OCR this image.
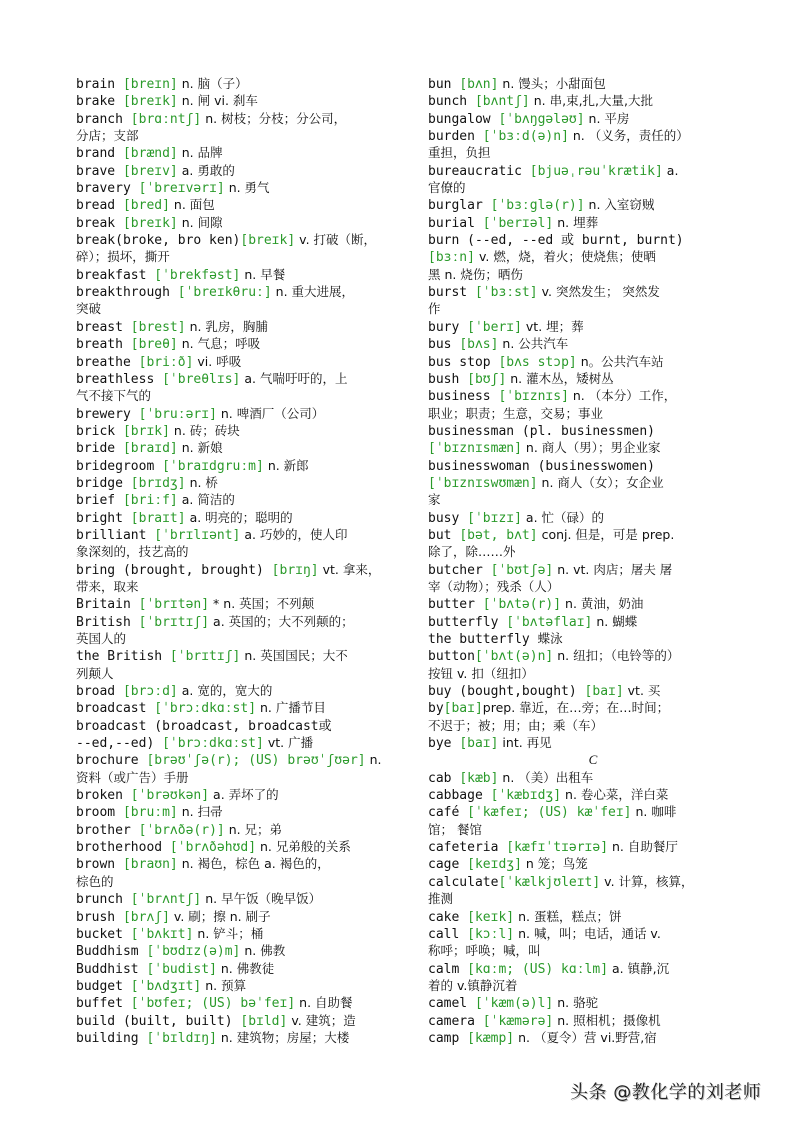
brain [breɪn] n. 脑（子）
brake [breɪk] n. 闸 vi. 刹车
branch [brɑːntʃ] n. 树枝；分枝；分公司，
分店；支部
brand [brænd] n. 品牌
brave [breɪv] a. 勇敢的
bravery [ˈbreɪvərɪ] n. 勇气
bread [bred] n. 面包
break [breɪk] n. 间隙
break(broke, bro ken)[breɪk] v. 打破（断，
碎）；损坏，撕开
breakfast [ˈbrekfəst] n. 早餐
breakthrough [ˈbreɪkθruː] n. 重大进展，
突破
breast [brest] n. 乳房，胸脯
breath [breθ] n. 气息；呼吸
breathe [briːð] vi. 呼吸
breathless [ˈbreθlɪs] a. 气喘吁吁的，上
气不接下气的
brewery [ˈbruːərɪ] n. 啤酒厂（公司）
brick [brɪk] n. 砖；砖块
bride [braɪd] n. 新娘
bridegroom [ˈbraɪdgruːm] n. 新郎
bridge [brɪdʒ] n. 桥
brief [briːf] a. 简洁的
bright [braɪt] a. 明亮的；聪明的
brilliant [ˈbrɪlɪənt] a. 巧妙的，使人印
象深刻的，技艺高的
bring (brought, brought) [brɪŋ] vt. 拿来，
带来，取来
Britain [ˈbrɪtən] * n. 英国；不列颠
British [ˈbrɪtɪʃ] a. 英国的；大不列颠的；
英国人的
the British [ˈbrɪtɪʃ] n. 英国国民；大不
列颠人
broad [brɔːd] a. 宽的，宽大的
broadcast [ˈbrɔːdkɑːst] n. 广播节目
broadcast (broadcast, broadcast或
--ed,--ed) [ˈbrɔːdkɑːst] vt. 广播
brochure [brəʊˈʃə(r); (US) brəʊˈʃʊər] n.
资料（或广告）手册
broken [ˈbrəʊkən] a. 弄坏了的
broom [bruːm] n. 扫帚
brother [ˈbrʌðə(r)] n. 兄；弟
brotherhood [ˈbrʌðəhʊd] n. 兄弟般的关系
brown [braʊn] n. 褐色，棕色 a. 褐色的，
棕色的
brunch [ˈbrʌntʃ] n. 早午饭（晚早饭）
brush [brʌʃ] v. 刷；擦 n. 刷子
bucket [ˈbʌkɪt] n. 铲斗；桶
Buddhism [ˈbʊdɪz(ə)m] n. 佛教
Buddhist [ˈbudist] n. 佛教徒
budget [ˈbʌdʒɪt] n. 预算
buffet [ˈbʊfeɪ; (US) bəˈfeɪ] n. 自助餐
build (built, built) [bɪld] v. 建筑；造
building [ˈbɪldɪŋ] n. 建筑物；房屋；大楼
bun [bʌn] n. 馒头；小甜面包
bunch [bʌntʃ] n. 串,束,扎,大量,大批
bungalow [ˈbʌŋgələʊ] n. 平房
burden [ˈbɜːd(ə)n] n. （义务，责任的）
重担，负担
bureaucratic [bjuəˌrəuˈkrætik] a.
官僚的
burglar [ˈbɜːglə(r)] n. 入室窃贼
burial [ˈberɪəl] n. 埋葬
burn (--ed, --ed 或 burnt, burnt)
[bɜːn] v. 燃，烧，着火；使烧焦；使晒
黑 n. 烧伤；晒伤
burst [ˈbɜːst] v. 突然发生； 突然发
作
bury [ˈberɪ] vt. 埋；葬
bus [bʌs] n. 公共汽车
bus stop [bʌs stɔp] n。公共汽车站
bush [bʊʃ] n. 灌木丛，矮树丛
business [ˈbɪznɪs] n. （本分）工作，
职业；职责；生意，交易；事业
businessman (pl. businessmen)
[ˈbɪznɪsmæn] n. 商人（男）；男企业家
businesswoman (businesswomen)
[ˈbɪznɪswʊmæn] n. 商人（女）；女企业
家
busy [ˈbɪzɪ] a. 忙（碌）的
but [bət, bʌt] conj. 但是，可是 prep.
除了，除……外
butcher [ˈbʊtʃə] n. vt. 肉店；屠夫 屠
宰（动物）；残杀（人）
butter [ˈbʌtə(r)] n. 黄油，奶油
butterfly [ˈbʌtəflaɪ] n. 蝴蝶
the butterfly 蝶泳
button[ˈbʌt(ə)n] n. 纽扣；（电铃等的）
按钮 v. 扣（纽扣）
buy (bought,bought) [baɪ] vt. 买
by[baɪ]prep. 靠近，在…旁；在…时间；
不迟于；被；用；由；乘（车）
bye [baɪ] int. 再见
C
cab [kæb] n. （美）出租车
cabbage [ˈkæbɪdʒ] n. 卷心菜，洋白菜
café [ˈkæfeɪ; (US) kæˈfeɪ] n. 咖啡
馆； 餐馆
cafeteria [kæfɪˈtɪərɪə] n. 自助餐厅
cage [keɪdʒ] n 笼；鸟笼
calculate[ˈkælkjʊleɪt] v. 计算，核算，
推测
cake [keɪk] n. 蛋糕，糕点；饼
call [kɔːl] n. 喊，叫；电话，通话 v.
称呼；呼唤；喊，叫
calm [kɑːm; (US) kɑːlm] a. 镇静,沉
着的 v.镇静沉着
camel [ˈkæm(ə)l] n. 骆驼
camera [ˈkæmərə] n. 照相机；摄像机
camp [kæmp] n. （夏令）营 vi.野营,宿
头条 @教化学的刘老师
